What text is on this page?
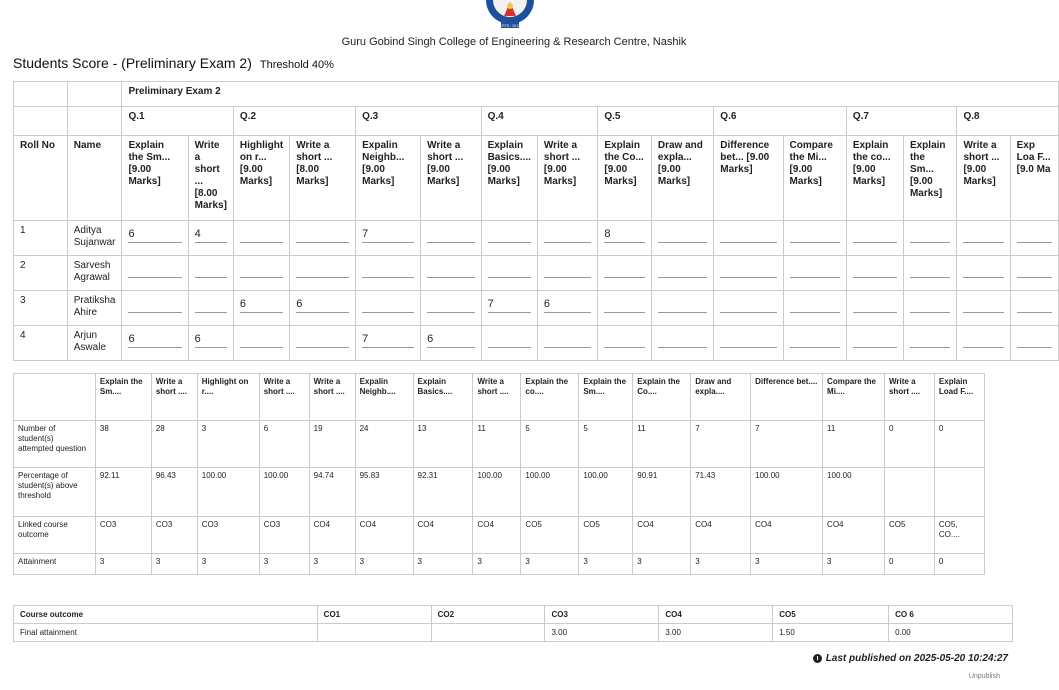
ESTD : 2013
Guru Gobind Singh College of Engineering & Research Centre, Nashik
Students Score - (Preliminary Exam 2) Threshold 40%
		Preliminary Exam 2															
		Q.1		Q.2		Q.3		Q.4		Q.5		Q.6		Q.7		Q.8	
Roll No	Name	Explain the Sm... [9.00 Marks]	Write a short ... [8.00 Marks]	Highlight on r... [9.00 Marks]	Write a short ... [8.00 Marks]	Expalin Neighb... [9.00 Marks]	Write a short ... [9.00 Marks]	Explain Basics.... [9.00 Marks]	Write a short ... [9.00 Marks]	Explain the Co... [9.00 Marks]	Draw and expla... [9.00 Marks]	Difference bet... [9.00 Marks]	Compare the Mi... [9.00 Marks]	Explain the co... [9.00 Marks]	Explain the Sm... [9.00 Marks]	Write a short ... [9.00 Marks]	Exp Loa F... [9.0 Ma
1	Aditya Sujanwar	6	4			7				8							

2	Sarvesh Agrawal	

3	Pratiksha Ahire			6	6			7	6								

4	Arjun Aswale	6	6			7	6										

	Explain the Sm....	Write a short ....	Highlight on r....	Write a short ....	Write a short ....	Expalin Neighb....	Explain Basics....	Write a short ....	Explain the co....	Explain the Sm....	Explain the Co....	Draw and expla....	Difference bet....	Compare the Mi....	Write a short ....	Explain Load F....
Number of student(s) attempted question	38	28	3	6	19	24	13	11	5	5	11	7	7	11	0	0
Percentage of student(s) above threshold	92.11	96.43	100.00	100.00	94.74	95.83	92.31	100.00	100.00	100.00	90.91	71.43	100.00	100.00		
Linked course outcome	CO3	CO3	CO3	CO3	CO4	CO4	CO4	CO4	CO5	CO5	CO4	CO4	CO4	CO4	CO5	CO5, CO....
Attainment	3	3	3	3	3	3	3	3	3	3	3	3	3	3	0	0
Course outcome	CO1	CO2	CO3	CO4	CO5	CO 6
Final attainment			3.00	3.00	1.50	0.00
Last published on 2025-05-20 10:24:27
Unpublish
